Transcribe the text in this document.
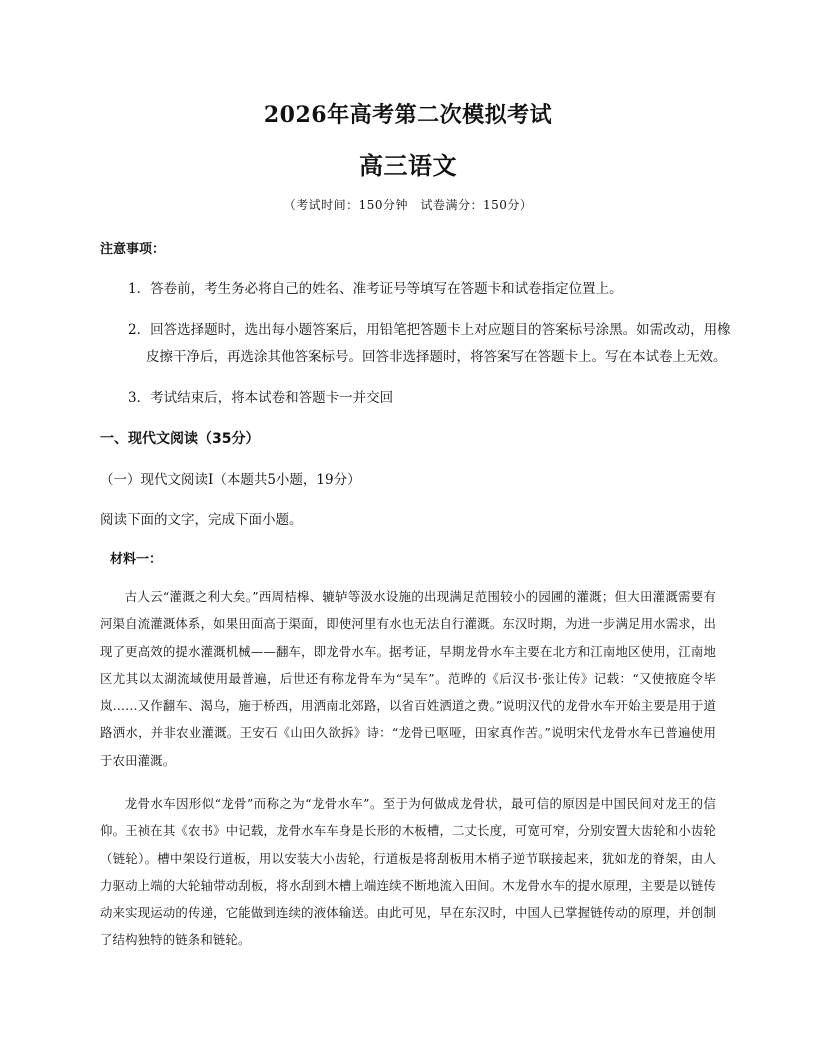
2026年高考第二次模拟考试
高三语文
（考试时间：150分钟　试卷满分：150分）
注意事项：
1．答卷前，考生务必将自己的姓名、准考证号等填写在答题卡和试卷指定位置上。
2．回答选择题时，选出每小题答案后，用铅笔把答题卡上对应题目的答案标号涂黑。如需改动，用橡
皮擦干净后，再选涂其他答案标号。回答非选择题时，将答案写在答题卡上。写在本试卷上无效。
3．考试结束后，将本试卷和答题卡一并交回
一、现代文阅读（35分）
（一）现代文阅读Ⅰ（本题共5小题，19分）
阅读下面的文字，完成下面小题。
材料一：
古人云“灌溉之利大矣。”西周桔槔、辘轳等汲水设施的出现满足范围较小的园圃的灌溉；但大田灌溉需要有河渠自流灌溉体系，如果田面高于渠面，即使河里有水也无法自行灌溉。东汉时期，为进一步满足用水需求，出现了更高效的提水灌溉机械——翻车，即龙骨水车。据考证，早期龙骨水车主要在北方和江南地区使用，江南地区尤其以太湖流域使用最普遍，后世还有称龙骨车为“吴车”。范晔的《后汉书·张让传》记载：“又使掖庭令毕岚……又作翻车、渴乌，施于桥西，用洒南北郊路，以省百姓洒道之费。”说明汉代的龙骨水车开始主要是用于道路洒水，并非农业灌溉。王安石《山田久欲拆》诗：“龙骨已呕哑，田家真作苦。”说明宋代龙骨水车已普遍使用于农田灌溉。
龙骨水车因形似“龙骨”而称之为“龙骨水车”。至于为何做成龙骨状，最可信的原因是中国民间对龙王的信仰。王祯在其《农书》中记载，龙骨水车车身是长形的木板槽，二丈长度，可宽可窄，分别安置大齿轮和小齿轮（链轮）。槽中架设行道板，用以安装大小齿轮，行道板是将刮板用木梢子逆节联接起来，犹如龙的脊架，由人力驱动上端的大轮轴带动刮板，将水刮到木槽上端连续不断地流入田间。木龙骨水车的提水原理，主要是以链传动来实现运动的传递，它能做到连续的液体输送。由此可见，早在东汉时，中国人已掌握链传动的原理，并创制了结构独特的链条和链轮。
